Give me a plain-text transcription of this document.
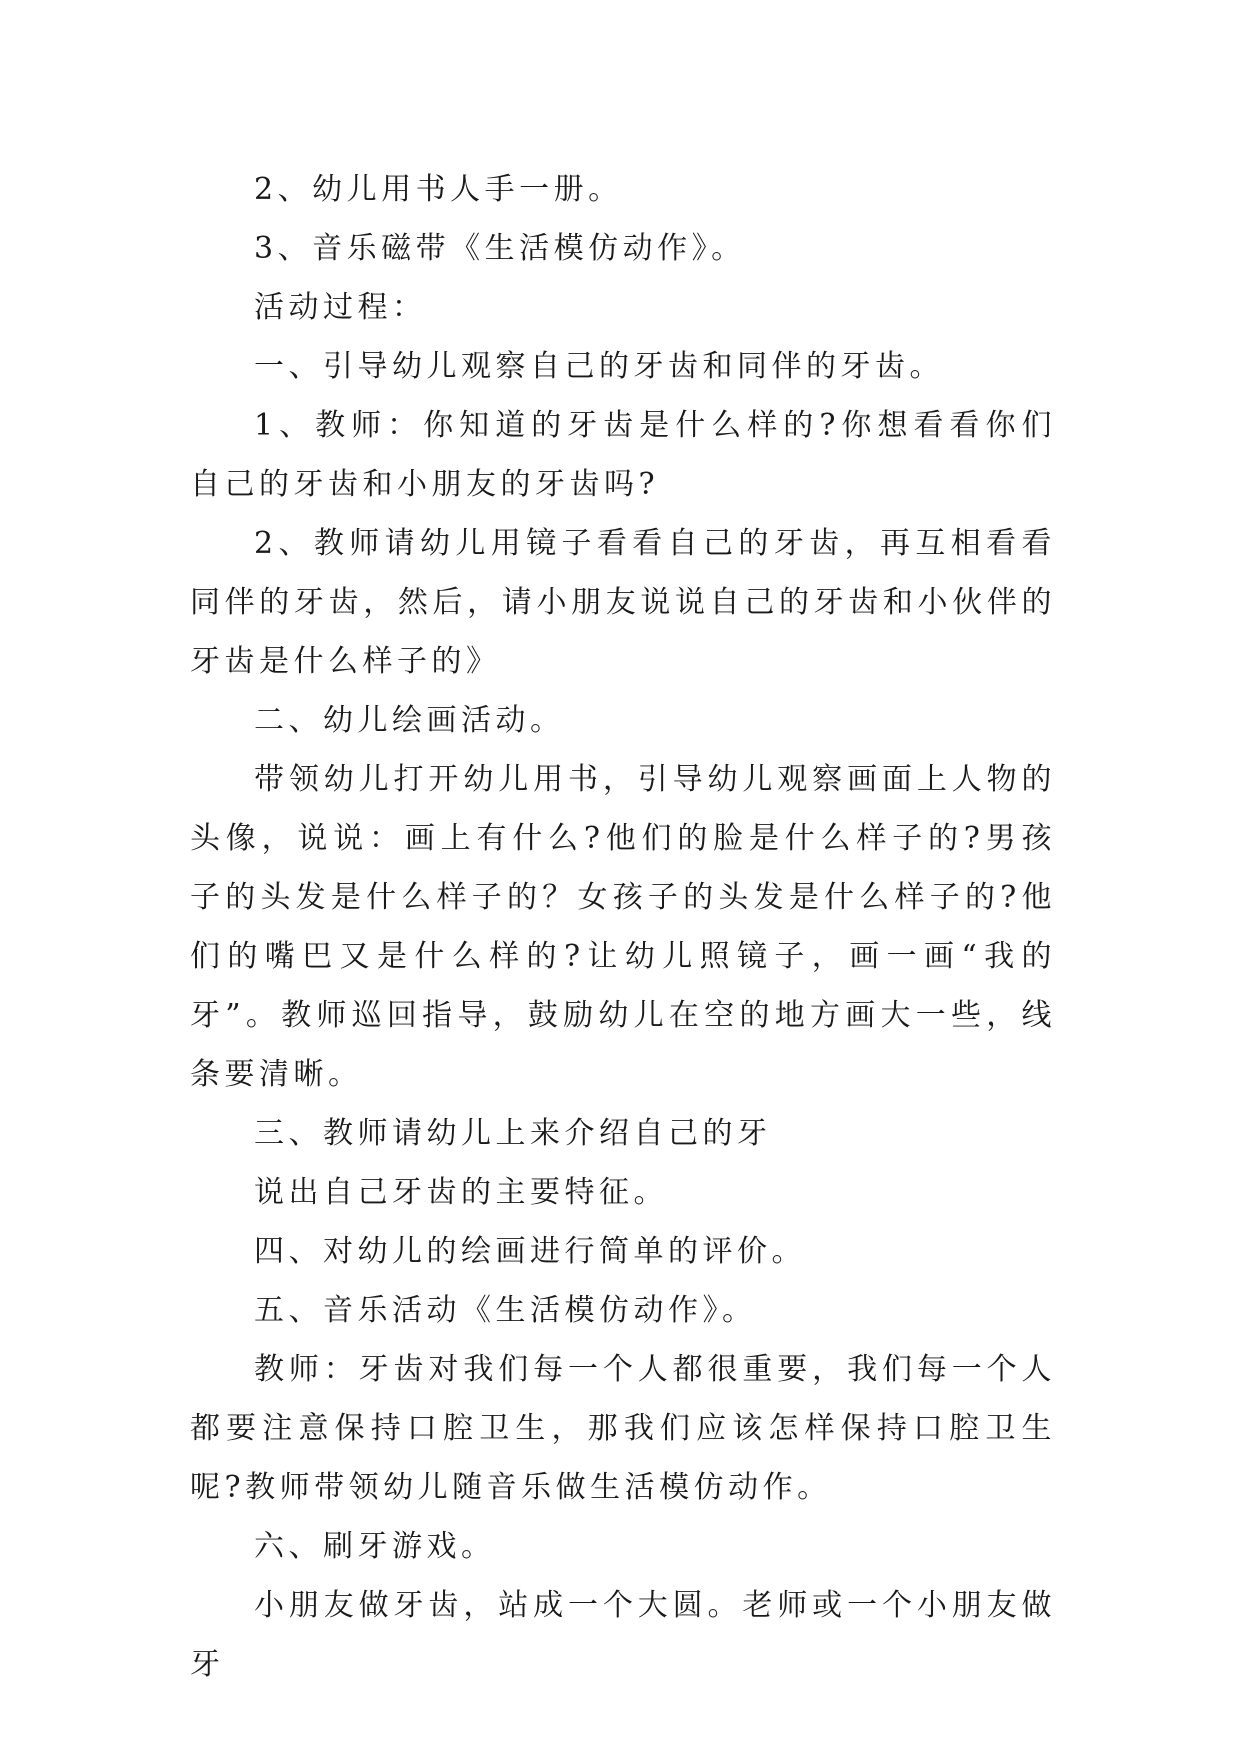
2、幼儿用书人手一册。

3、音乐磁带《生活模仿动作》。

活动过程：

一、引导幼儿观察自己的牙齿和同伴的牙齿。

1、教师：你知道的牙齿是什么样的?你想看看你们自己的牙齿和小朋友的牙齿吗?

2、教师请幼儿用镜子看看自己的牙齿，再互相看看同伴的牙齿，然后，请小朋友说说自己的牙齿和小伙伴的牙齿是什么样子的》

二、幼儿绘画活动。

带领幼儿打开幼儿用书，引导幼儿观察画面上人物的头像，说说：画上有什么?他们的脸是什么样子的?男孩子的头发是什么样子的？女孩子的头发是什么样子的?他们的嘴巴又是什么样的?让幼儿照镜子，画一画“我的牙”。教师巡回指导，鼓励幼儿在空的地方画大一些，线条要清晰。

三、教师请幼儿上来介绍自己的牙

说出自己牙齿的主要特征。

四、对幼儿的绘画进行简单的评价。

五、音乐活动《生活模仿动作》。

教师：牙齿对我们每一个人都很重要，我们每一个人都要注意保持口腔卫生，那我们应该怎样保持口腔卫生呢?教师带领幼儿随音乐做生活模仿动作。

六、刷牙游戏。

小朋友做牙齿，站成一个大圆。老师或一个小朋友做牙
